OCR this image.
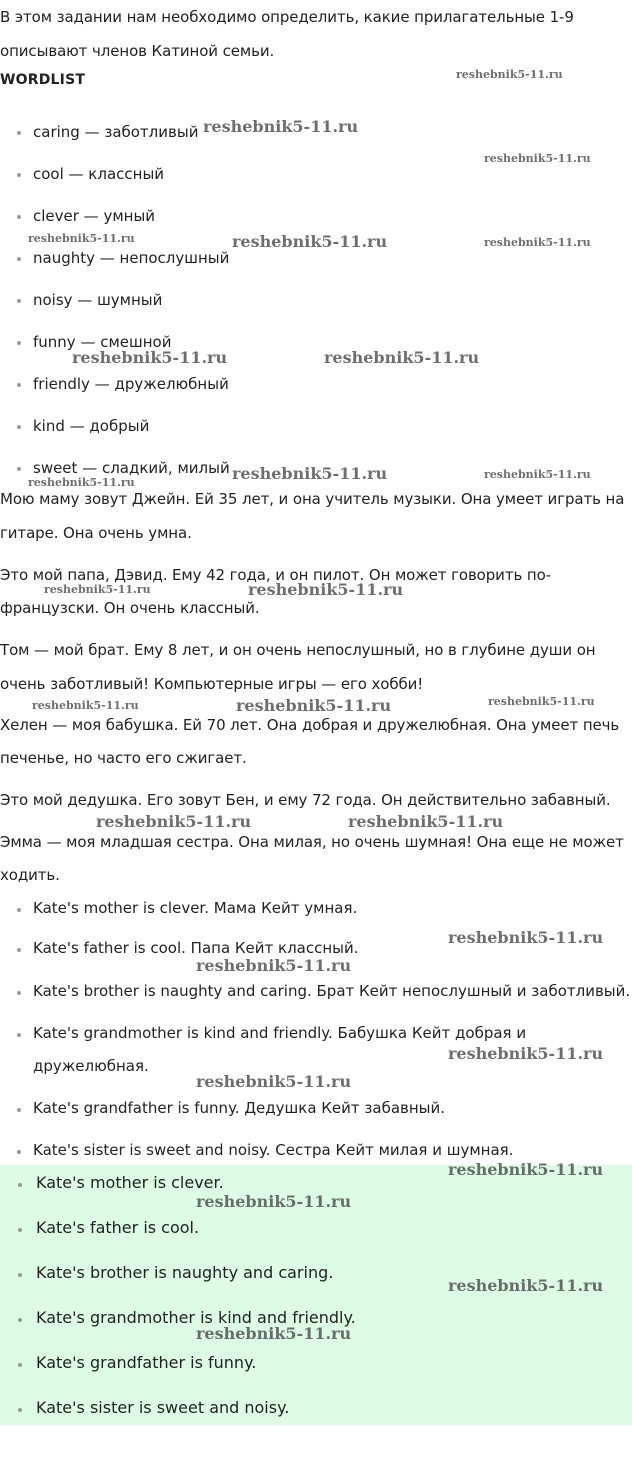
В этом задании нам необходимо определить, какие прилагательные 1-9
описывают членов Катиной семьи.
WORDLIST
caring — заботливый
cool — классный
clever — умный
naughty — непослушный
noisy — шумный
funny — смешной
friendly — дружелюбный
kind — добрый
sweet — сладкий, милый
Мою маму зовут Джейн. Ей 35 лет, и она учитель музыки. Она умеет играть на
гитаре. Она очень умна.
Это мой папа, Дэвид. Ему 42 года, и он пилот. Он может говорить по-
французски. Он очень классный.
Том — мой брат. Ему 8 лет, и он очень непослушный, но в глубине души он
очень заботливый! Компьютерные игры — его хобби!
Хелен — моя бабушка. Ей 70 лет. Она добрая и дружелюбная. Она умеет печь
печенье, но часто его сжигает.
Это мой дедушка. Его зовут Бен, и ему 72 года. Он действительно забавный.
Эмма — моя младшая сестра. Она милая, но очень шумная! Она еще не может
ходить.
Kate's mother is clever. Мама Кейт умная.
Kate's father is cool. Папа Кейт классный.
Kate's brother is naughty and caring. Брат Кейт непослушный и заботливый.
Kate's grandmother is kind and friendly. Бабушка Кейт добрая и
дружелюбная.
Kate's grandfather is funny. Дедушка Кейт забавный.
Kate's sister is sweet and noisy. Сестра Кейт милая и шумная.
Kate's mother is clever.
Kate's father is cool.
Kate's brother is naughty and caring.
Kate's grandmother is kind and friendly.
Kate's grandfather is funny.
Kate's sister is sweet and noisy.
reshebnik5-11.ru
reshebnik5-11.ru
reshebnik5-11.ru
reshebnik5-11.ru	reshebnik5-11.ru	reshebnik5-11.ru
reshebnik5-11.ru	reshebnik5-11.ru
reshebnik5-11.ru	reshebnik5-11.ru
reshebnik5-11.ru
reshebnik5-11.ru	reshebnik5-11.ru
reshebnik5-11.ru	reshebnik5-11.ru	reshebnik5-11.ru
reshebnik5-11.ru	reshebnik5-11.ru
reshebnik5-11.ru
reshebnik5-11.ru
reshebnik5-11.ru
reshebnik5-11.ru
reshebnik5-11.ru
reshebnik5-11.ru
reshebnik5-11.ru
reshebnik5-11.ru
